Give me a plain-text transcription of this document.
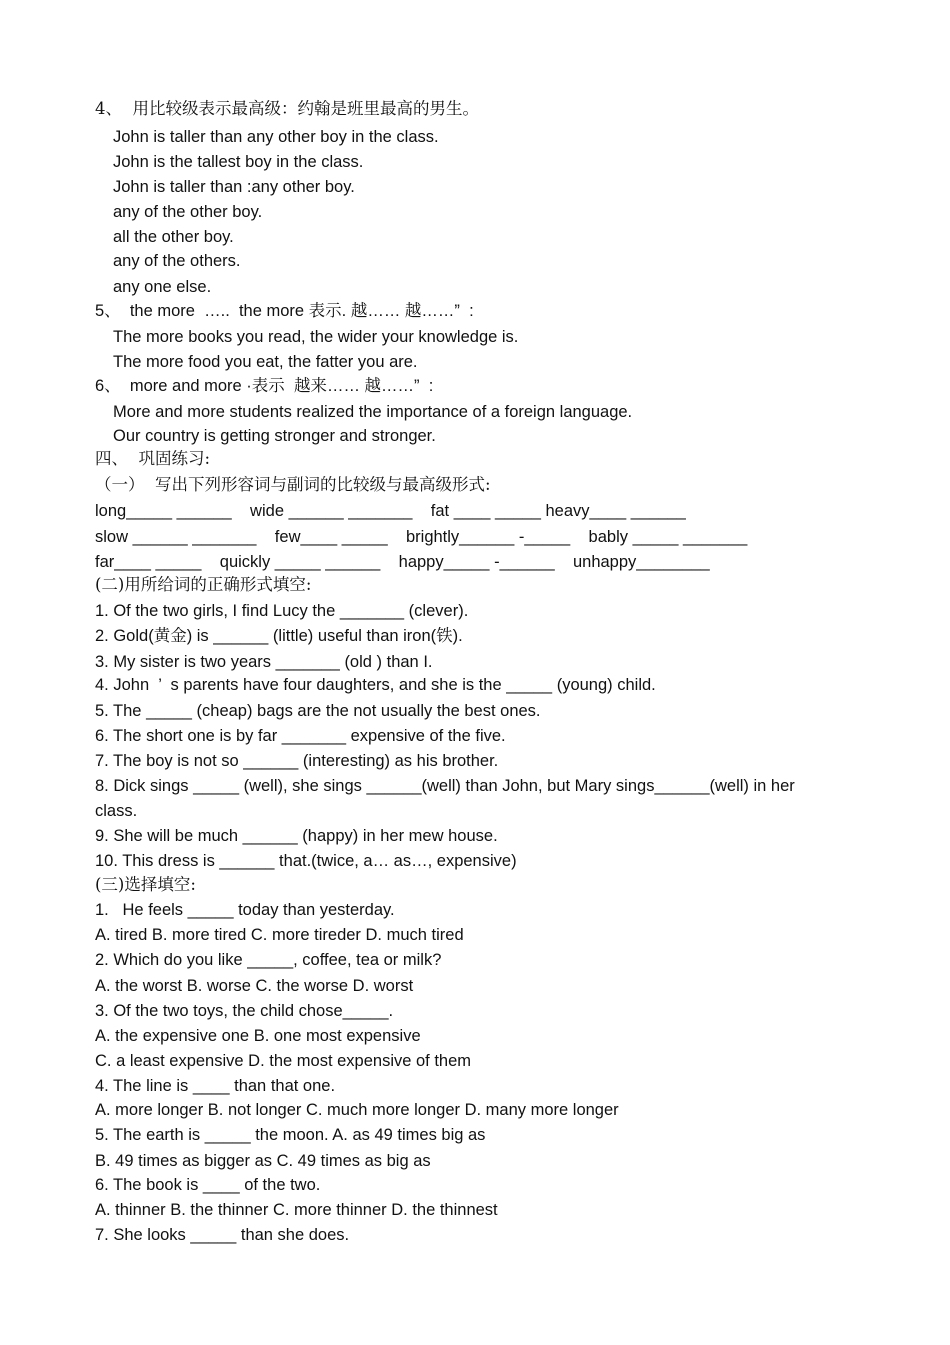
4、  用比较级表示最高级：约翰是班里最高的男生。
John is taller than any other boy in the class.
John is the tallest boy in the class.
John is taller than :any other boy.
any of the other boy.
all the other boy.
any of the others.
any one else.
5、  the more  …..  the more 表示. 越…… 越……”  :
The more books you read, the wider your knowledge is.
The more food you eat, the fatter you are.
6、  more and more ·表示  越来…… 越……”  :
More and more students realized the importance of a foreign language.
Our country is getting stronger and stronger.
四、  巩固练习:
（一）  写出下列形容词与副词的比较级与最高级形式:
long_____ ______    wide ______ _______    fat ____ _____ heavy____ ______
slow ______ _______    few____ _____    brightly______ -_____    bably _____ _______
far____ _____    quickly _____ ______    happy_____ -______    unhappy________
(二)用所给词的正确形式填空:
1. Of the two girls, I find Lucy the _______ (clever).
2. Gold(黄金) is ______ (little) useful than iron(铁).
3. My sister is two years _______ (old ) than I.
4. John  ’  s parents have four daughters, and she is the _____ (young) child.
5. The _____ (cheap) bags are the not usually the best ones.
6. The short one is by far _______ expensive of the five.
7. The boy is not so ______ (interesting) as his brother.
8. Dick sings _____ (well), she sings ______(well) than John, but Mary sings______(well) in her
class.
9. She will be much ______ (happy) in her mew house.
10. This dress is ______ that.(twice, a… as…, expensive)
(三)选择填空:
1.   He feels _____ today than yesterday.
A. tired B. more tired C. more tireder D. much tired
2. Which do you like _____, coffee, tea or milk?
A. the worst B. worse C. the worse D. worst
3. Of the two toys, the child chose_____.
A. the expensive one B. one most expensive
C. a least expensive D. the most expensive of them
4. The line is ____ than that one.
A. more longer B. not longer C. much more longer D. many more longer
5. The earth is _____ the moon. A. as 49 times big as
B. 49 times as bigger as C. 49 times as big as
6. The book is ____ of the two.
A. thinner B. the thinner C. more thinner D. the thinnest
7. She looks _____ than she does.
